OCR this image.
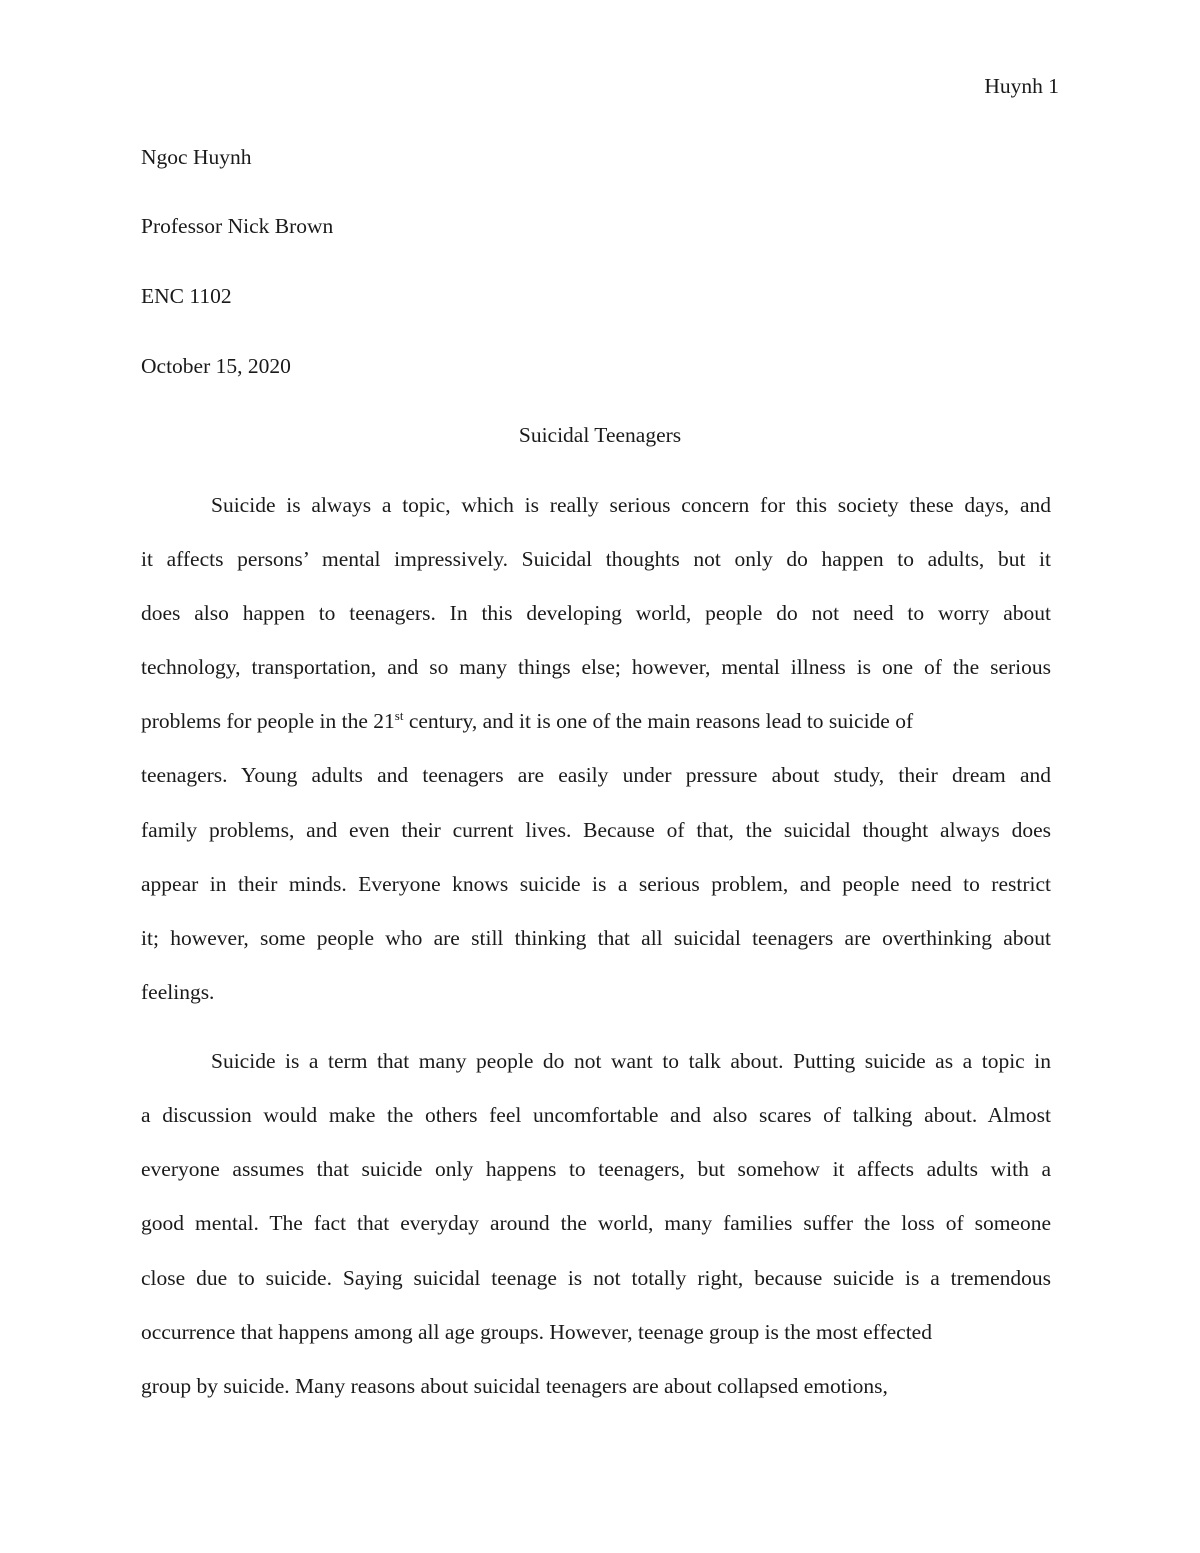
Huynh 1
Ngoc Huynh
Professor Nick Brown
ENC 1102
October 15, 2020
Suicidal Teenagers
Suicide is always a topic, which is really serious concern for this society these days, and
it affects persons’ mental impressively. Suicidal thoughts not only do happen to adults, but it
does also happen to teenagers. In this developing world, people do not need to worry about
technology, transportation, and so many things else; however, mental illness is one of the serious
problems for people in the 21st century, and it is one of the main reasons lead to suicide of
teenagers. Young adults and teenagers are easily under pressure about study, their dream and
family problems, and even their current lives. Because of that, the suicidal thought always does
appear in their minds. Everyone knows suicide is a serious problem, and people need to restrict
it; however, some people who are still thinking that all suicidal teenagers are overthinking about
feelings.
Suicide is a term that many people do not want to talk about. Putting suicide as a topic in
a discussion would make the others feel uncomfortable and also scares of talking about. Almost
everyone assumes that suicide only happens to teenagers, but somehow it affects adults with a
good mental. The fact that everyday around the world, many families suffer the loss of someone
close due to suicide. Saying suicidal teenage is not totally right, because suicide is a tremendous
occurrence that happens among all age groups. However, teenage group is the most effected
group by suicide. Many reasons about suicidal teenagers are about collapsed emotions,
